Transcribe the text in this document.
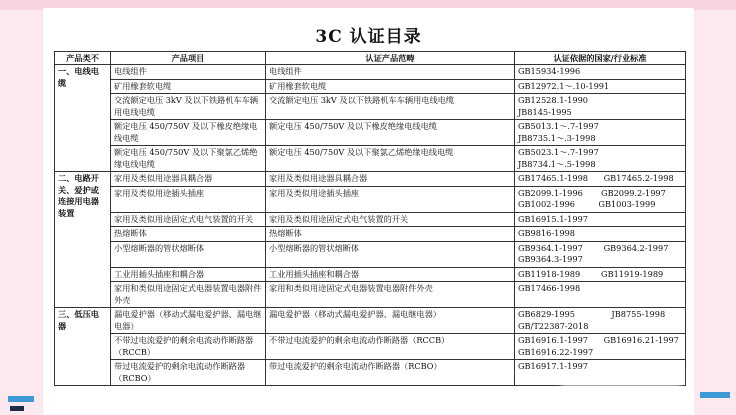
3C 认证目录
产品类不	产品项目	认证产品范畴	认证依据的国家/行业标准
一、电线电缆	电线组件	电线组件	GB15934-1996

	矿用橡套软电缆	矿用橡套软电缆	GB12972.1～.10-1991

	交流额定电压 3kV 及以下铁路机车车辆用电线电缆	交流额定电压 3kV 及以下铁路机车车辆用电线电缆	GB12528.1-1990
JB8145-1995

	额定电压 450/750V 及以下橡皮绝缘电线电缆	额定电压 450/750V 及以下橡皮绝缘电线电缆	GB5013.1～.7-1997
JB8735.1～.3-1998

	额定电压 450/750V 及以下聚氯乙烯绝缘电线电缆	额定电压 450/750V 及以下聚氯乙烯绝缘电线电缆	GB5023.1～.7-1997
JB8734.1～.5-1998

二、电路开关、爱护或连接用电器装置	家用及类似用途器具耦合器	家用及类似用途器具耦合器	GB17465.1-1998      GB17465.2-1998

	家用及类似用途插头插座	家用及类似用途插头插座	GB2099.1-1996       GB2099.2-1997
GB1002-1996         GB1003-1999

	家用及类似用途固定式电气装置的开关	家用及类似用途固定式电气装置的开关	GB16915.1-1997

	热熔断体	热熔断体	GB9816-1998

	小型熔断器的管状熔断体	小型熔断器的管状熔断体	GB9364.1-1997        GB9364.2-1997
GB9364.3-1997

	工业用插头插座和耦合器	工业用插头插座和耦合器	GB11918-1989        GB11919-1989

	家用和类似用途固定式电器装置电器附件外壳	家用和类似用途固定式电器装置电器附件外壳	GB17466-1998

三、低压电器	漏电爱护器（移动式漏电爱护器、漏电继电器）	漏电爱护器（移动式漏电爱护器、漏电继电器）	GB6829-1995              JB8755-1998
GB/T22387-2018

	不带过电流爱护的剩余电流动作断路器（RCCB）	不带过电流爱护的剩余电流动作断路器（RCCB）	GB16916.1-1997      GB16916.21-1997
GB16916.22-1997

	带过电流爱护的剩余电流动作断路器（RCBO）	带过电流爱护的剩余电流动作断路器（RCBO）	GB16917.1-1997
